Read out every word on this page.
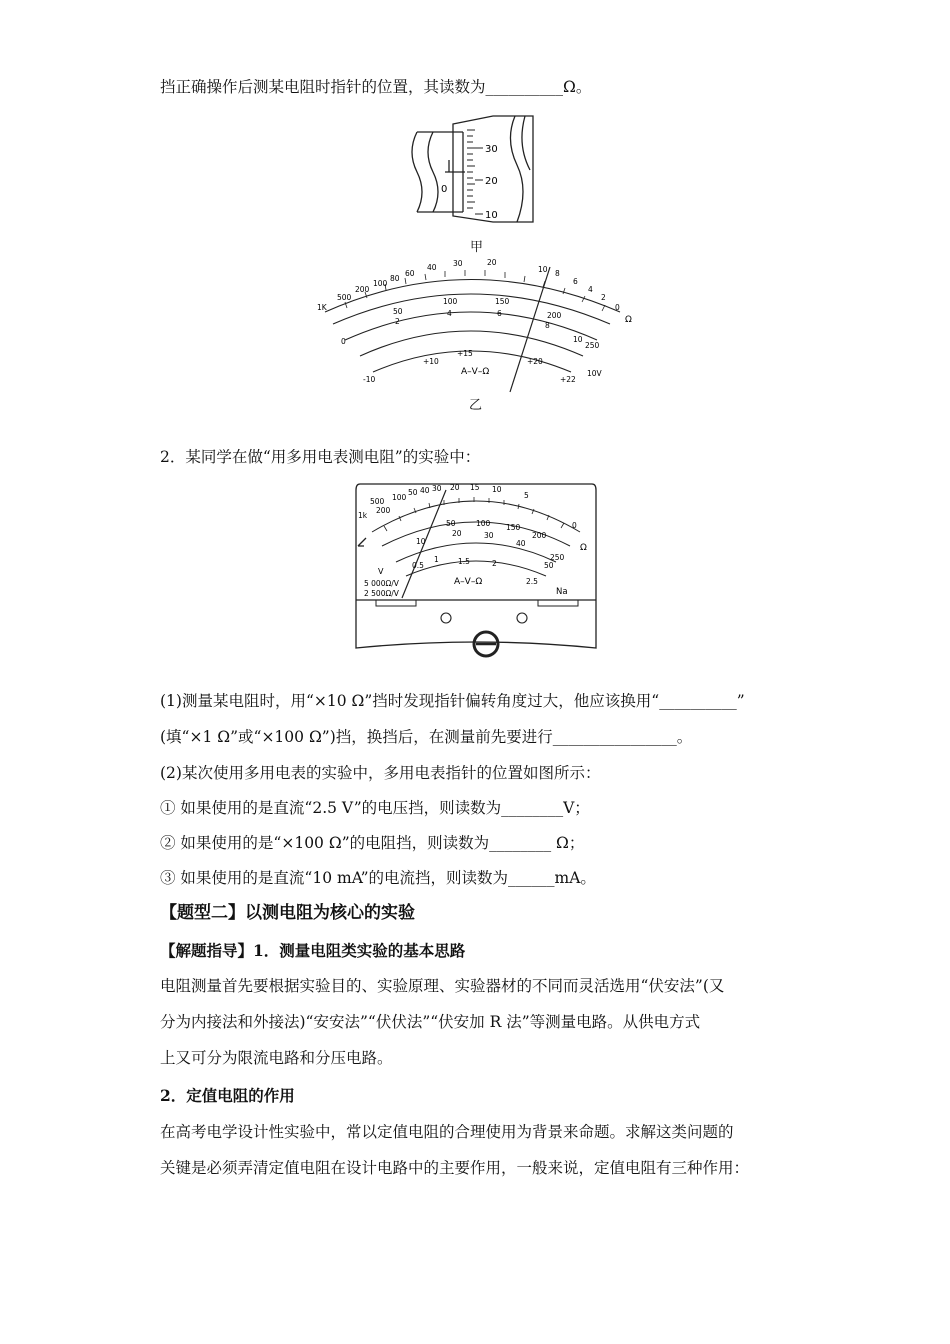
挡正确操作后测某电阻时指针的位置，其读数为__________Ω。
30
20
10
0
甲
1K
500
200
100
80
60
40 30	20
10 8
6
4
2
0
Ω
100	150
200
250
50
0
2
4	6
8
10
-10
+10
+15
+20
+22
A–V–Ω	10V
乙
2．某同学在做“用多用电表测电阻”的实验中：
1k
500
200
100
50 40 30 20 15 10
5
0
Ω
50	100 150
200
250
10
20	30
40
50
0.5
1	1.5	2
2.5
A–V–Ω
V
5 000Ω/V
2 500Ω/V	Na
(1)测量某电阻时，用“×10 Ω”挡时发现指针偏转角度过大，他应该换用“__________”
(填“×1 Ω”或“×100 Ω”)挡，换挡后，在测量前先要进行________________。
(2)某次使用多用电表的实验中，多用电表指针的位置如图所示：
① 如果使用的是直流“2.5 V”的电压挡，则读数为________V；
② 如果使用的是“×100 Ω”的电阻挡，则读数为________ Ω；
③ 如果使用的是直流“10 mA”的电流挡，则读数为______mA。
【题型二】以测电阻为核心的实验
【解题指导】1．测量电阻类实验的基本思路
电阻测量首先要根据实验目的、实验原理、实验器材的不同而灵活选用“伏安法”(又
分为内接法和外接法)“安安法”“伏伏法”“伏安加 R 法”等测量电路。从供电方式
上又可分为限流电路和分压电路。
2．定值电阻的作用
在高考电学设计性实验中，常以定值电阻的合理使用为背景来命题。求解这类问题的
关键是必须弄清定值电阻在设计电路中的主要作用，一般来说，定值电阻有三种作用：
